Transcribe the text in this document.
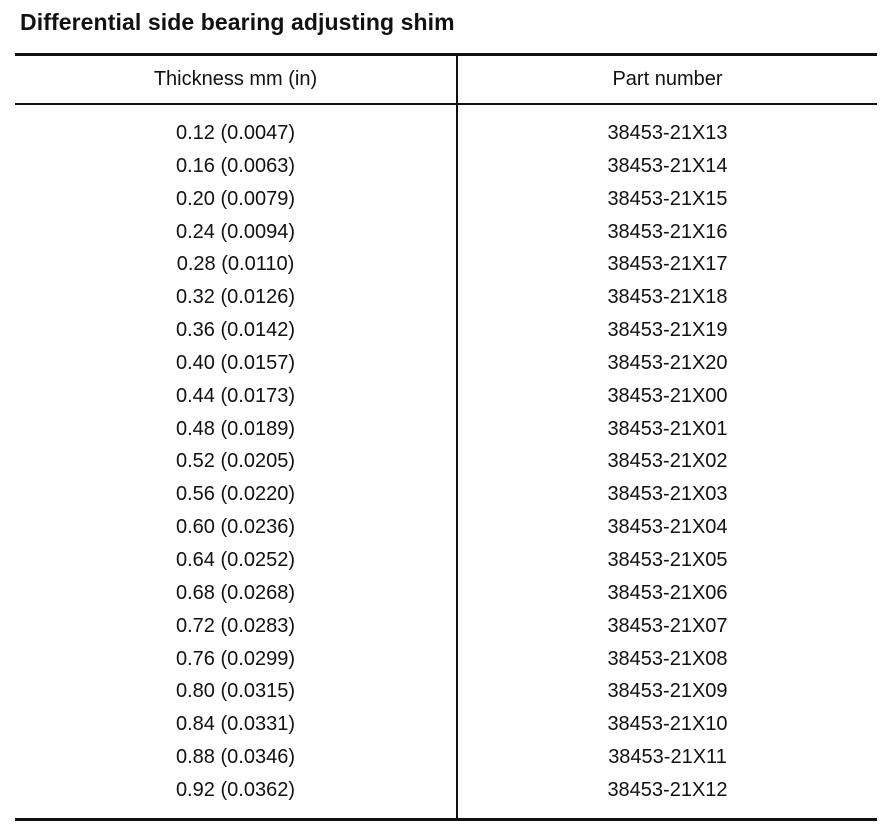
Differential side bearing adjusting shim
Thickness mm (in)	Part number
0.12 (0.0047)	38453-21X13
0.16 (0.0063)	38453-21X14
0.20 (0.0079)	38453-21X15
0.24 (0.0094)	38453-21X16
0.28 (0.0110)	38453-21X17
0.32 (0.0126)	38453-21X18
0.36 (0.0142)	38453-21X19
0.40 (0.0157)	38453-21X20
0.44 (0.0173)	38453-21X00
0.48 (0.0189)	38453-21X01
0.52 (0.0205)	38453-21X02
0.56 (0.0220)	38453-21X03
0.60 (0.0236)	38453-21X04
0.64 (0.0252)	38453-21X05
0.68 (0.0268)	38453-21X06
0.72 (0.0283)	38453-21X07
0.76 (0.0299)	38453-21X08
0.80 (0.0315)	38453-21X09
0.84 (0.0331)	38453-21X10
0.88 (0.0346)	38453-21X11
0.92 (0.0362)	38453-21X12
